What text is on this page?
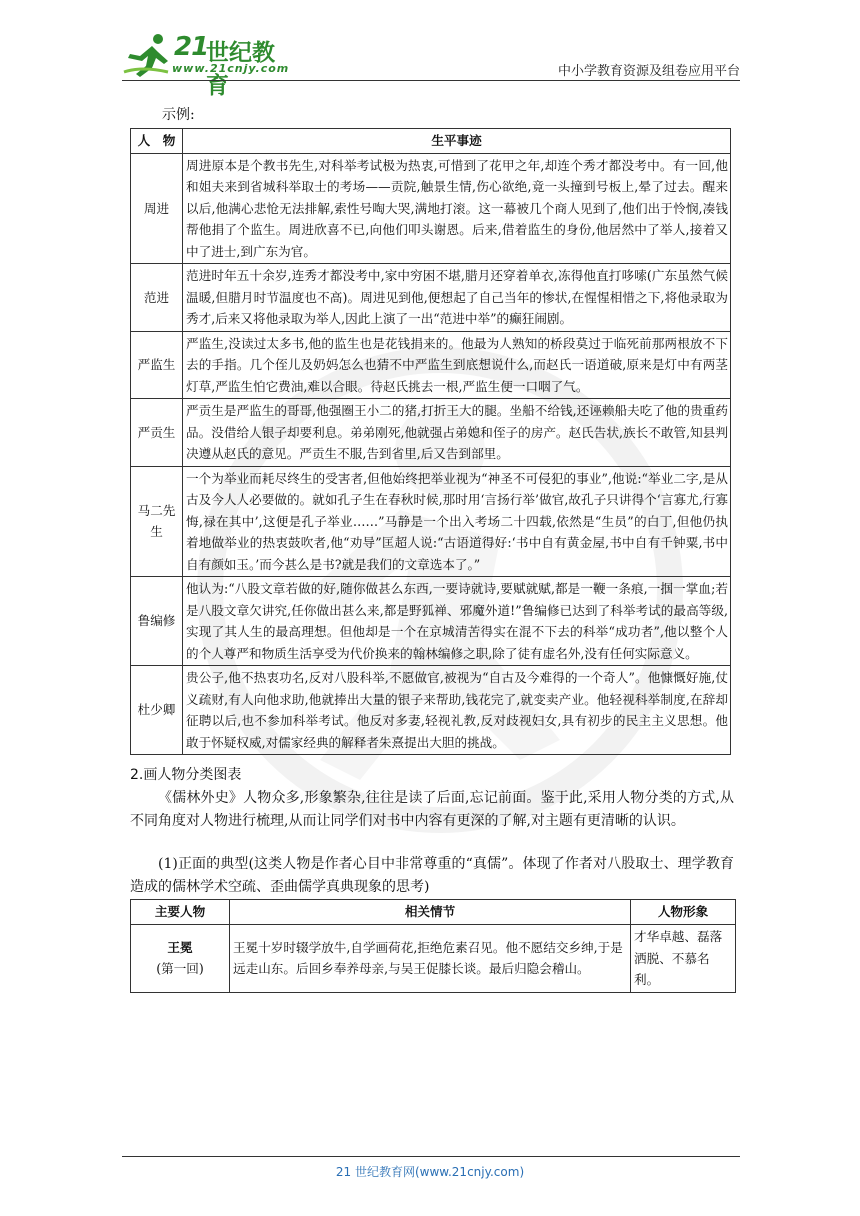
21
世纪教育
www.21cnjy.com	中小学教育资源及组卷应用平台
示例:
人　物	生平事迹
周进	周进原本是个教书先生,对科举考试极为热衷,可惜到了花甲之年,却连个秀才都没考中。有一回,他和姐夫来到省城科举取士的考场——贡院,触景生情,伤心欲绝,竟一头撞到号板上,晕了过去。醒来以后,他满心悲怆无法排解,索性号啕大哭,满地打滚。这一幕被几个商人见到了,他们出于怜悯,凑钱帮他捐了个监生。周进欣喜不已,向他们叩头谢恩。后来,借着监生的身份,他居然中了举人,接着又中了进士,到广东为官。
范进	范进时年五十余岁,连秀才都没考中,家中穷困不堪,腊月还穿着单衣,冻得他直打哆嗦(广东虽然气候温暖,但腊月时节温度也不高)。周进见到他,便想起了自己当年的惨状,在惺惺相惜之下,将他录取为秀才,后来又将他录取为举人,因此上演了一出“范进中举”的癫狂闹剧。
严监生	严监生,没读过太多书,他的监生也是花钱捐来的。他最为人熟知的桥段莫过于临死前那两根放不下去的手指。几个侄儿及奶妈怎么也猜不中严监生到底想说什么,而赵氏一语道破,原来是灯中有两茎灯草,严监生怕它费油,难以合眼。待赵氏挑去一根,严监生便一口咽了气。
严贡生	严贡生是严监生的哥哥,他强圈王小二的猪,打折王大的腿。坐船不给钱,还诬赖船夫吃了他的贵重药品。没借给人银子却要利息。弟弟刚死,他就强占弟媳和侄子的房产。赵氏告状,族长不敢管,知县判决遵从赵氏的意见。严贡生不服,告到省里,后又告到部里。
马二先生	一个为举业而耗尽终生的受害者,但他始终把举业视为“神圣不可侵犯的事业”,他说:“举业二字,是从古及今人人必要做的。就如孔子生在春秋时候,那时用‘言扬行举’做官,故孔子只讲得个‘言寡尤,行寡悔,禄在其中’,这便是孔子举业……”马静是一个出入考场二十四载,依然是“生员”的白丁,但他仍执着地做举业的热衷鼓吹者,他“劝导”匡超人说:“古语道得好:‘书中自有黄金屋,书中自有千钟粟,书中自有颜如玉。’而今甚么是书?就是我们的文章选本了。”
鲁编修	他认为:“八股文章若做的好,随你做甚么东西,一要诗就诗,要赋就赋,都是一鞭一条痕,一掴一掌血;若是八股文章欠讲究,任你做出甚么来,都是野狐禅、邪魔外道!”鲁编修已达到了科举考试的最高等级,实现了其人生的最高理想。但他却是一个在京城清苦得实在混不下去的科举“成功者”,他以整个人的个人尊严和物质生活享受为代价换来的翰林编修之职,除了徒有虚名外,没有任何实际意义。
杜少卿	贵公子,他不热衷功名,反对八股科举,不愿做官,被视为“自古及今难得的一个奇人”。他慷慨好施,仗义疏财,有人向他求助,他就捧出大量的银子来帮助,钱花完了,就变卖产业。他轻视科举制度,在辞却征聘以后,也不参加科举考试。他反对多妻,轻视礼教,反对歧视妇女,具有初步的民主主义思想。他敢于怀疑权威,对儒家经典的解释者朱熹提出大胆的挑战。
2.画人物分类图表
《儒林外史》人物众多,形象繁杂,往往是读了后面,忘记前面。鉴于此,采用人物分类的方式,从不同角度对人物进行梳理,从而让同学们对书中内容有更深的了解,对主题有更清晰的认识。
(1)正面的典型(这类人物是作者心目中非常尊重的“真儒”。体现了作者对八股取士、理学教育造成的儒林学术空疏、歪曲儒学真典现象的思考)
主要人物	相关情节	人物形象

王冕
(第一回)	王冕十岁时辍学放牛,自学画荷花,拒绝危素召见。他不愿结交乡绅,于是远走山东。后回乡奉养母亲,与吴王促膝长谈。最后归隐会稽山。	才华卓越、磊落洒脱、不慕名利。
21 世纪教育网(www.21cnjy.com)
